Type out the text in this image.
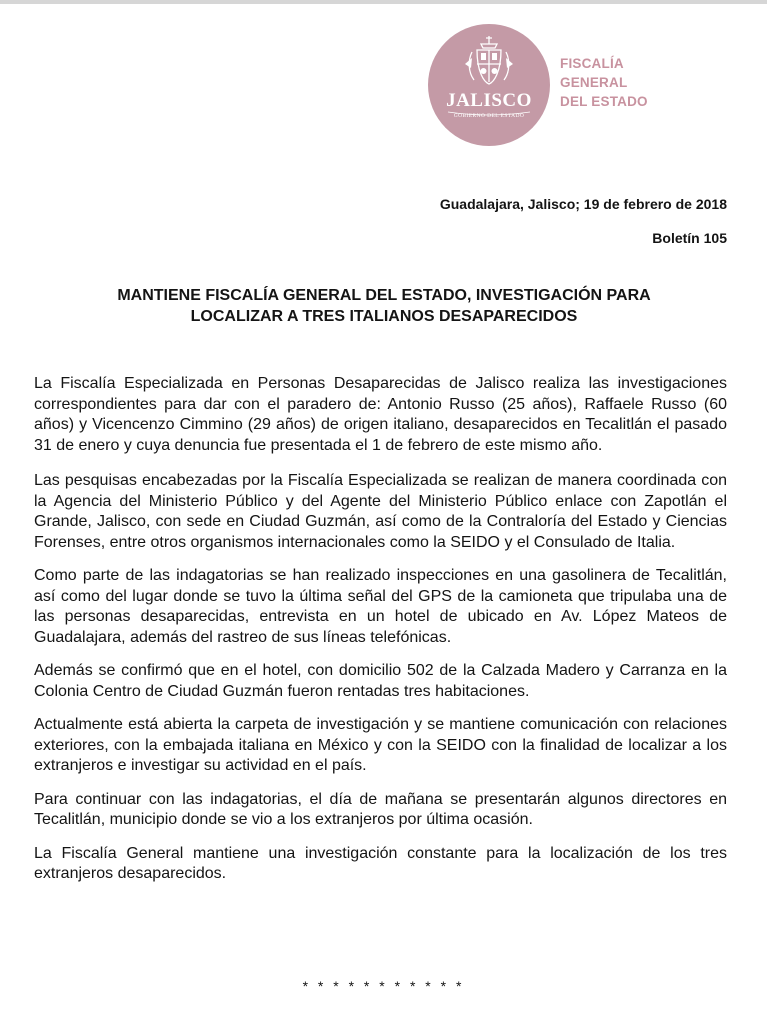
JALISCO
GOBIERNO DEL ESTADO
FISCALÍA
GENERAL
DEL ESTADO
Guadalajara, Jalisco; 19 de febrero de 2018
Boletín 105
MANTIENE FISCALÍA GENERAL DEL ESTADO, INVESTIGACIÓN PARA
LOCALIZAR A TRES ITALIANOS DESAPARECIDOS

La Fiscalía Especializada en Personas Desaparecidas de Jalisco realiza las investigaciones correspondientes para dar con el paradero de: Antonio Russo (25 años), Raffaele Russo (60 años) y Vicencenzo Cimmino (29 años) de origen italiano, desaparecidos en Tecalitlán el pasado 31 de enero y cuya denuncia fue presentada el 1 de febrero de este mismo año.

Las pesquisas encabezadas por la Fiscalía Especializada se realizan de manera coordinada con la Agencia del Ministerio Público y del Agente del Ministerio Público enlace con Zapotlán el Grande, Jalisco, con sede en Ciudad Guzmán, así como de la Contraloría del Estado y Ciencias Forenses, entre otros organismos internacionales como la SEIDO y el Consulado de Italia.

Como parte de las indagatorias se han realizado inspecciones en una gasolinera de Tecalitlán, así como del lugar donde se tuvo la última señal del GPS de la camioneta que tripulaba una de las personas desaparecidas, entrevista en un hotel de ubicado en Av. López Mateos de Guadalajara, además del rastreo de sus líneas telefónicas.

Además se confirmó que en el hotel, con domicilio 502 de la Calzada Madero y Carranza en la Colonia Centro de Ciudad Guzmán fueron rentadas tres habitaciones.

Actualmente está abierta la carpeta de investigación y se mantiene comunicación con relaciones exteriores, con la embajada italiana en México y con la SEIDO con la finalidad de localizar a los extranjeros e investigar su actividad en el país.

Para continuar con las indagatorias, el día de mañana se presentarán algunos directores en Tecalitlán, municipio donde se vio a los extranjeros por última ocasión.

La Fiscalía General mantiene una investigación constante para la localización de los tres extranjeros desaparecidos.

* * * * * * * * * * *
